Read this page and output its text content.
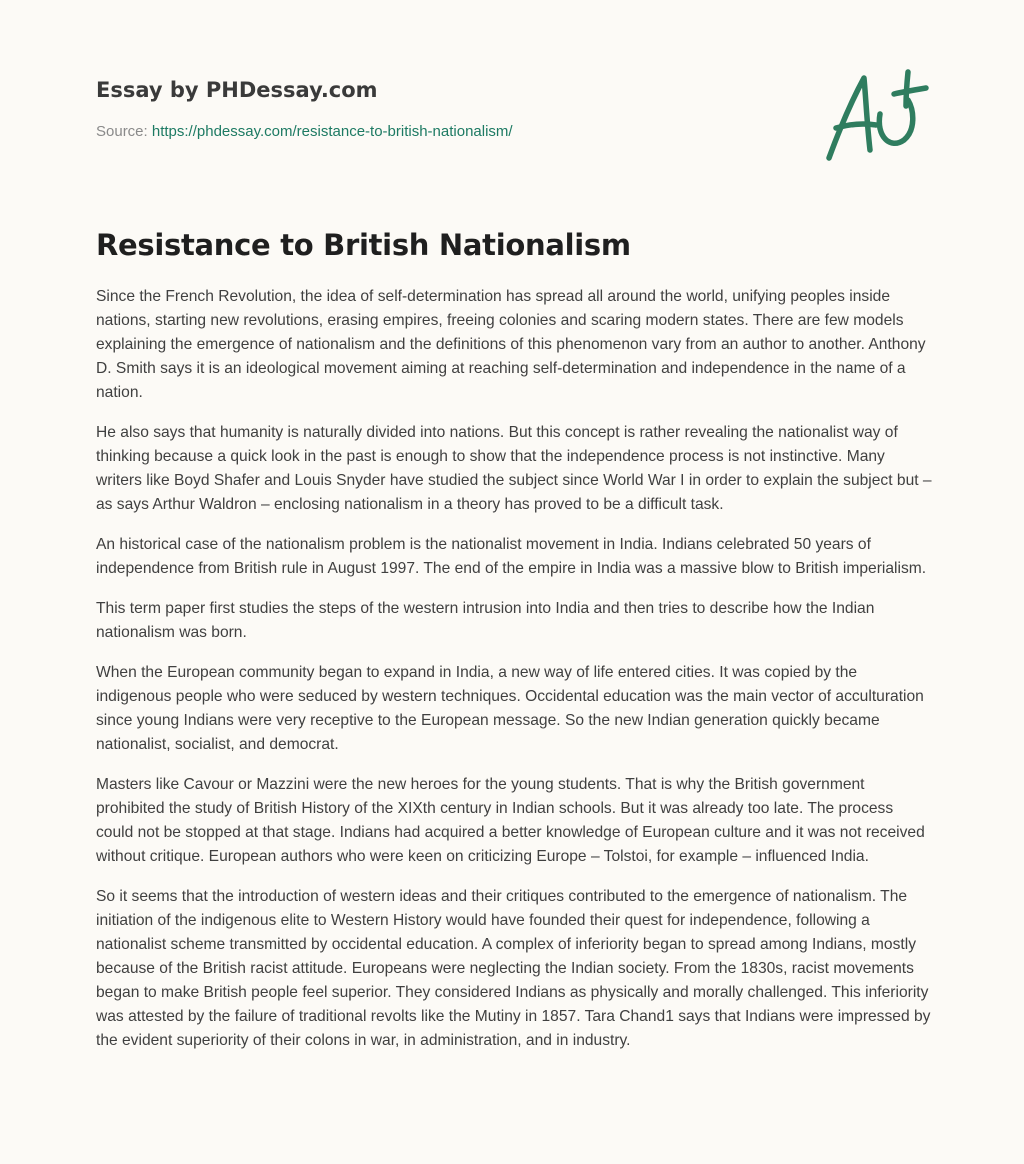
Essay by PHDessay.com
Source: https://phdessay.com/resistance-to-british-nationalism/
Resistance to British Nationalism

Since the French Revolution, the idea of self-determination has spread all around the world, unifying peoples inside nations, starting new revolutions, erasing empires, freeing colonies and scaring modern states. There are few models explaining the emergence of nationalism and the definitions of this phenomenon vary from an author to another. Anthony D. Smith says it is an ideological movement aiming at reaching self-determination and independence in the name of a nation.

He also says that humanity is naturally divided into nations. But this concept is rather revealing the nationalist way of thinking because a quick look in the past is enough to show that the independence process is not instinctive. Many writers like Boyd Shafer and Louis Snyder have studied the subject since World War I in order to explain the subject but – as says Arthur Waldron – enclosing nationalism in a theory has proved to be a difficult task.

An historical case of the nationalism problem is the nationalist movement in India. Indians celebrated 50 years of independence from British rule in August 1997. The end of the empire in India was a massive blow to British imperialism.

This term paper first studies the steps of the western intrusion into India and then tries to describe how the Indian nationalism was born.

When the European community began to expand in India, a new way of life entered cities. It was copied by the indigenous people who were seduced by western techniques. Occidental education was the main vector of acculturation since young Indians were very receptive to the European message. So the new Indian generation quickly became nationalist, socialist, and democrat.

Masters like Cavour or Mazzini were the new heroes for the young students. That is why the British government prohibited the study of British History of the XIXth century in Indian schools. But it was already too late. The process could not be stopped at that stage. Indians had acquired a better knowledge of European culture and it was not received without critique. European authors who were keen on criticizing Europe – Tolstoi, for example – influenced India.

So it seems that the introduction of western ideas and their critiques contributed to the emergence of nationalism. The initiation of the indigenous elite to Western History would have founded their quest for independence, following a nationalist scheme transmitted by occidental education. A complex of inferiority began to spread among Indians, mostly because of the British racist attitude. Europeans were neglecting the Indian society. From the 1830s, racist movements began to make British people feel superior. They considered Indians as physically and morally challenged. This inferiority was attested by the failure of traditional revolts like the Mutiny in 1857. Tara Chand1 says that Indians were impressed by the evident superiority of their colons in war, in administration, and in industry.
